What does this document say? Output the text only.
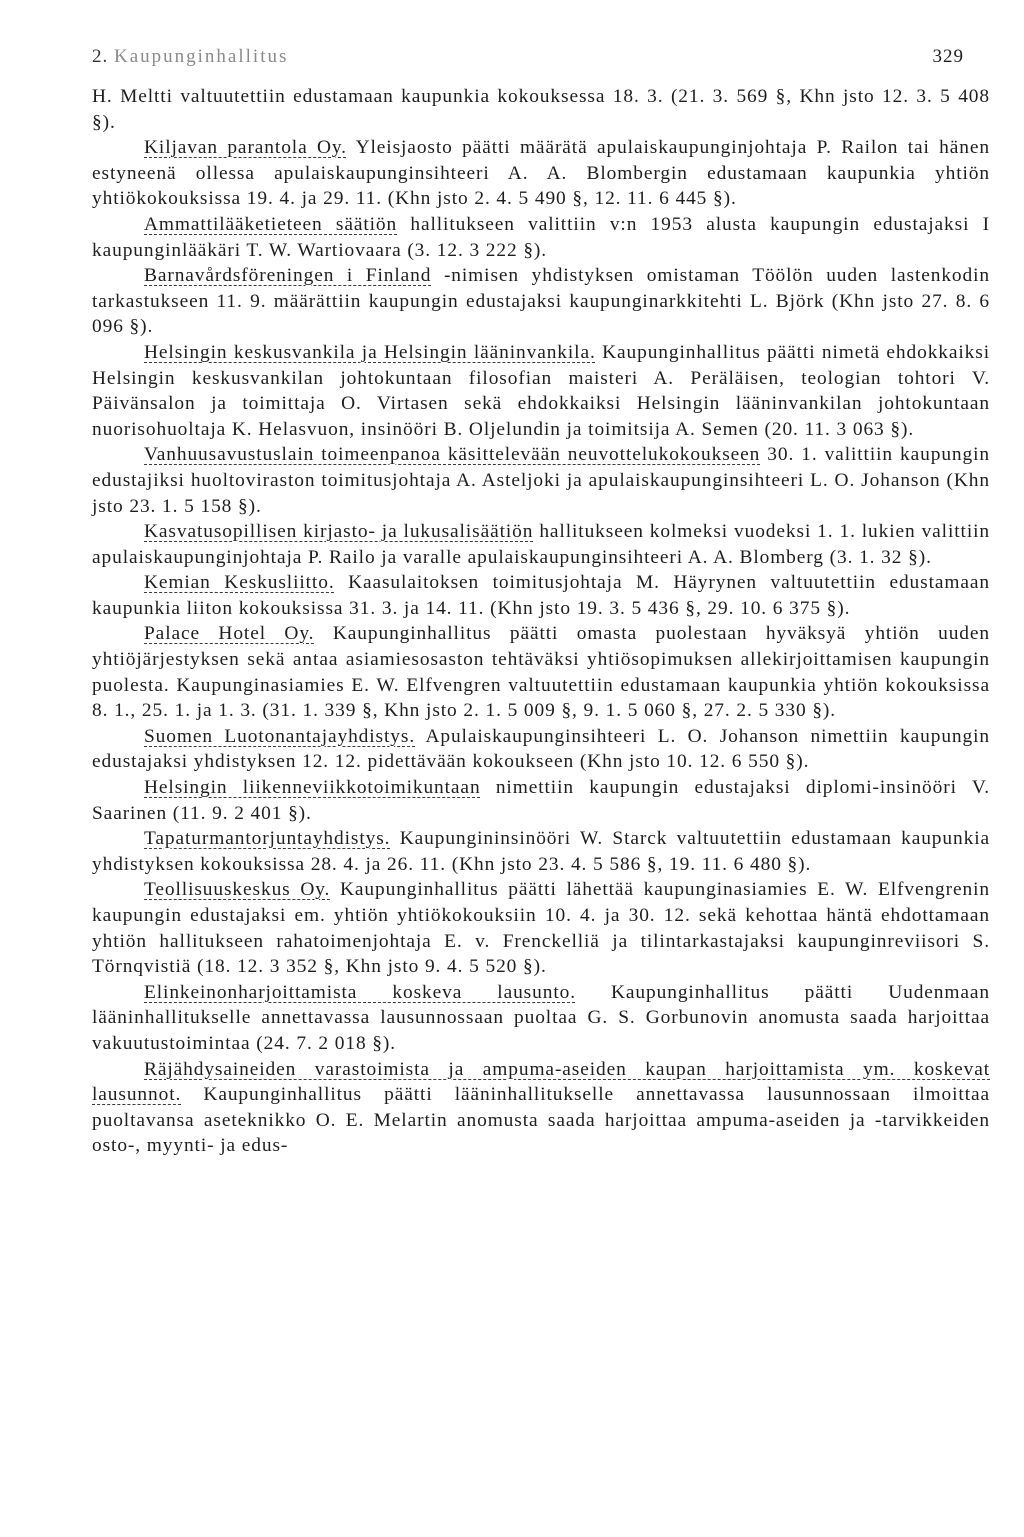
2. Kaupunginhallitus	329

H. Meltti valtuutettiin edustamaan kaupunkia kokouksessa 18. 3. (21. 3. 569 §, Khn jsto 12. 3. 5 408 §).

Kiljavan parantola Oy. Yleisjaosto päätti määrätä apulaiskaupunginjohtaja P. Railon tai hänen estyneenä ollessa apulaiskaupunginsihteeri A. A. Blombergin edustamaan kaupunkia yhtiön yhtiökokouksissa 19. 4. ja 29. 11. (Khn jsto 2. 4. 5 490 §, 12. 11. 6 445 §).

Ammattilääketieteen säätiön hallitukseen valittiin v:n 1953 alusta kaupungin edustajaksi I kaupunginlääkäri T. W. Wartiovaara (3. 12. 3 222 §).

Barnavårdsföreningen i Finland -nimisen yhdistyksen omistaman Töölön uuden lastenkodin tarkastukseen 11. 9. määrättiin kaupungin edustajaksi kaupunginarkkitehti L. Björk (Khn jsto 27. 8. 6 096 §).

Helsingin keskusvankila ja Helsingin lääninvankila. Kaupunginhallitus päätti nimetä ehdokkaiksi Helsingin keskusvankilan johtokuntaan filosofian maisteri A. Peräläisen, teologian tohtori V. Päivänsalon ja toimittaja O. Virtasen sekä ehdokkaiksi Helsingin lääninvankilan johtokuntaan nuorisohuoltaja K. Helasvuon, insinööri B. Oljelundin ja toimitsija A. Semen (20. 11. 3 063 §).

Vanhuusavustuslain toimeenpanoa käsittelevään neuvottelukokoukseen 30. 1. valittiin kaupungin edustajiksi huoltoviraston toimitusjohtaja A. Asteljoki ja apulaiskaupunginsihteeri L. O. Johanson (Khn jsto 23. 1. 5 158 §).

Kasvatusopillisen kirjasto- ja lukusalisäätiön hallitukseen kolmeksi vuodeksi 1. 1. lukien valittiin apulaiskaupunginjohtaja P. Railo ja varalle apulaiskaupunginsihteeri A. A. Blomberg (3. 1. 32 §).

Kemian Keskusliitto. Kaasulaitoksen toimitusjohtaja M. Häyrynen valtuutettiin edustamaan kaupunkia liiton kokouksissa 31. 3. ja 14. 11. (Khn jsto 19. 3. 5 436 §, 29. 10. 6 375 §).

Palace Hotel Oy. Kaupunginhallitus päätti omasta puolestaan hyväksyä yhtiön uuden yhtiöjärjestyksen sekä antaa asiamiesosaston tehtäväksi yhtiösopimuksen allekirjoittamisen kaupungin puolesta. Kaupunginasiamies E. W. Elfvengren valtuutettiin edustamaan kaupunkia yhtiön kokouksissa 8. 1., 25. 1. ja 1. 3. (31. 1. 339 §, Khn jsto 2. 1. 5 009 §, 9. 1. 5 060 §, 27. 2. 5 330 §).

Suomen Luotonantajayhdistys. Apulaiskaupunginsihteeri L. O. Johanson nimettiin kaupungin edustajaksi yhdistyksen 12. 12. pidettävään kokoukseen (Khn jsto 10. 12. 6 550 §).

Helsingin liikenneviikkotoimikuntaan nimettiin kaupungin edustajaksi diplomi-insinööri V. Saarinen (11. 9. 2 401 §).

Tapaturmantorjuntayhdistys. Kaupungininsinööri W. Starck valtuutettiin edustamaan kaupunkia yhdistyksen kokouksissa 28. 4. ja 26. 11. (Khn jsto 23. 4. 5 586 §, 19. 11. 6 480 §).

Teollisuuskeskus Oy. Kaupunginhallitus päätti lähettää kaupunginasiamies E. W. Elfvengrenin kaupungin edustajaksi em. yhtiön yhtiökokouksiin 10. 4. ja 30. 12. sekä kehottaa häntä ehdottamaan yhtiön hallitukseen rahatoimenjohtaja E. v. Frenckelliä ja tilintarkastajaksi kaupunginreviisori S. Törnqvistiä (18. 12. 3 352 §, Khn jsto 9. 4. 5 520 §).

Elinkeinonharjoittamista koskeva lausunto. Kaupunginhallitus päätti Uudenmaan lääninhallitukselle annettavassa lausunnossaan puoltaa G. S. Gorbunovin anomusta saada harjoittaa vakuutustoimintaa (24. 7. 2 018 §).

Räjähdysaineiden varastoimista ja ampuma-aseiden kaupan harjoittamista ym. koskevat lausunnot. Kaupunginhallitus päätti lääninhallitukselle annettavassa lausunnossaan ilmoittaa puoltavansa aseteknikko O. E. Melartin anomusta saada harjoittaa ampuma-aseiden ja -tarvikkeiden osto-, myynti- ja edus-
